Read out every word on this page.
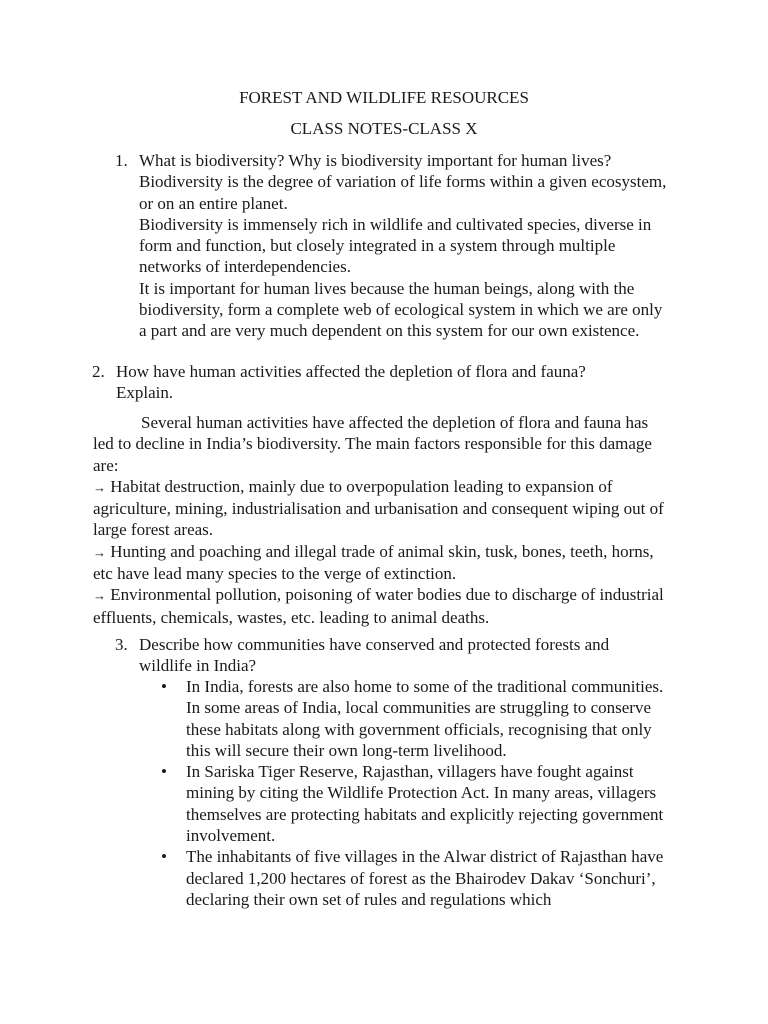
FOREST AND WILDLIFE RESOURCES
CLASS NOTES-CLASS X
1. What is biodiversity? Why is biodiversity important for human lives?

Biodiversity is the degree of variation of life forms within a given ecosystem, or on an entire planet.

Biodiversity is immensely rich in wildlife and cultivated species, diverse in form and function, but closely integrated in a system through multiple networks of interdependencies.

It is important for human lives because the human beings, along with the biodiversity, form a complete web of ecological system in which we are only a part and are very much dependent on this system for our own existence.

2. How have human activities affected the depletion of flora and fauna? Explain.

Several human activities have affected the depletion of flora and fauna has led to decline in India’s biodiversity. The main factors responsible for this damage are:

→ Habitat destruction, mainly due to overpopulation leading to expansion of agriculture, mining, industrialisation and urbanisation and consequent wiping out of large forest areas.

→ Hunting and poaching and illegal trade of animal skin, tusk, bones, teeth, horns, etc have lead many species to the verge of extinction.

→ Environmental pollution, poisoning of water bodies due to discharge of industrial effluents, chemicals, wastes, etc. leading to animal deaths.

3. Describe how communities have conserved and protected forests and wildlife in India?
• In India, forests are also home to some of the traditional communities. In some areas of India, local communities are struggling to conserve these habitats along with government officials, recognising that only this will secure their own long-term livelihood.

• In Sariska Tiger Reserve, Rajasthan, villagers have fought against mining by citing the Wildlife Protection Act. In many areas, villagers themselves are protecting habitats and explicitly rejecting government involvement.

• The inhabitants of five villages in the Alwar district of Rajasthan have declared 1,200 hectares of forest as the Bhairodev Dakav ‘Sonchuri’, declaring their own set of rules and regulations which
